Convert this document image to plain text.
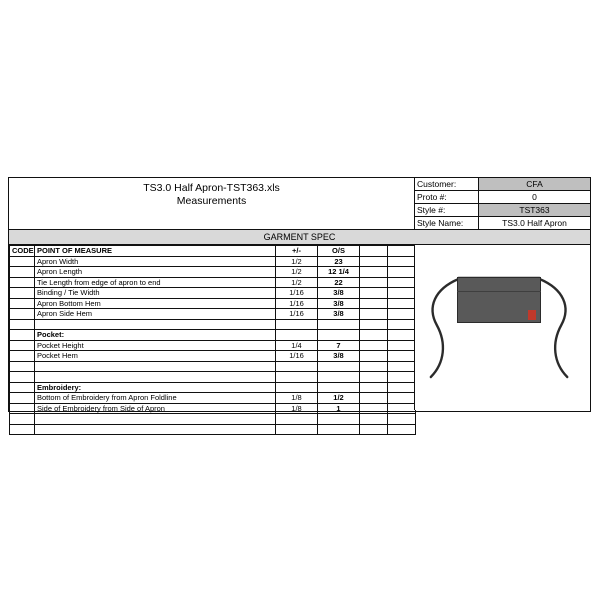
TS3.0 Half Apron-TST363.xls
Measurements
Customer:	CFA
Proto #:	0
Style #:	TST363
Style Name:	TS3.0 Half Apron
GARMENT SPEC
CODE	POINT OF MEASURE	+/-	O/S		
	Apron Width	1/2	23		
	Apron Length	1/2	12 1/4		
	Tie Length from edge of apron to end	1/2	22		
	Binding / Tie Width	1/16	3/8		
	Apron Bottom Hem	1/16	3/8		
	Apron Side Hem	1/16	3/8		

	Pocket:				
	Pocket Height	1/4	7		
	Pocket Hem	1/16	3/8		

	Embroidery:				
	Bottom of Embroidery from Apron Foldline	1/8	1/2		
	Side of Embroidery from Side of Apron	1/8	1		
